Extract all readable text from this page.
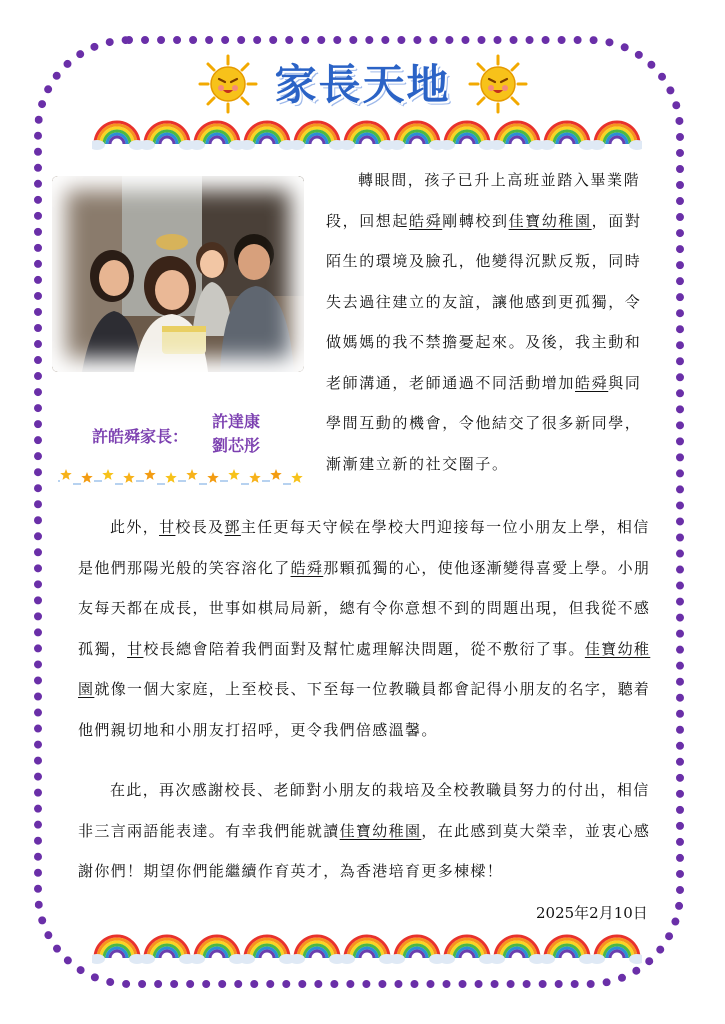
家長天地
許皓舜家長：
許達康
劉芯彤

轉眼間，孩子已升上高班並踏入畢業階段，回想起皓舜剛轉校到佳寶幼稚園，面對陌生的環境及臉孔，他變得沉默反叛，同時失去過往建立的友誼，讓他感到更孤獨，令做媽媽的我不禁擔憂起來。及後，我主動和老師溝通，老師通過不同活動增加皓舜與同學間互動的機會，令他結交了很多新同學，漸漸建立新的社交圈子。

此外，甘校長及鄧主任更每天守候在學校大門迎接每一位小朋友上學，相信是他們那陽光般的笑容溶化了皓舜那顆孤獨的心，使他逐漸變得喜愛上學。小朋友每天都在成長，世事如棋局局新，總有令你意想不到的問題出現，但我從不感孤獨，甘校長總會陪着我們面對及幫忙處理解決問題，從不敷衍了事。佳寶幼稚園就像一個大家庭，上至校長、下至每一位教職員都會記得小朋友的名字，聽着他們親切地和小朋友打招呼，更令我們倍感溫馨。

在此，再次感謝校長、老師對小朋友的栽培及全校教職員努力的付出，相信非三言兩語能表達。有幸我們能就讀佳寶幼稚園，在此感到莫大榮幸，並衷心感謝你們！期望你們能繼續作育英才，為香港培育更多棟樑！

2025年2月10日
